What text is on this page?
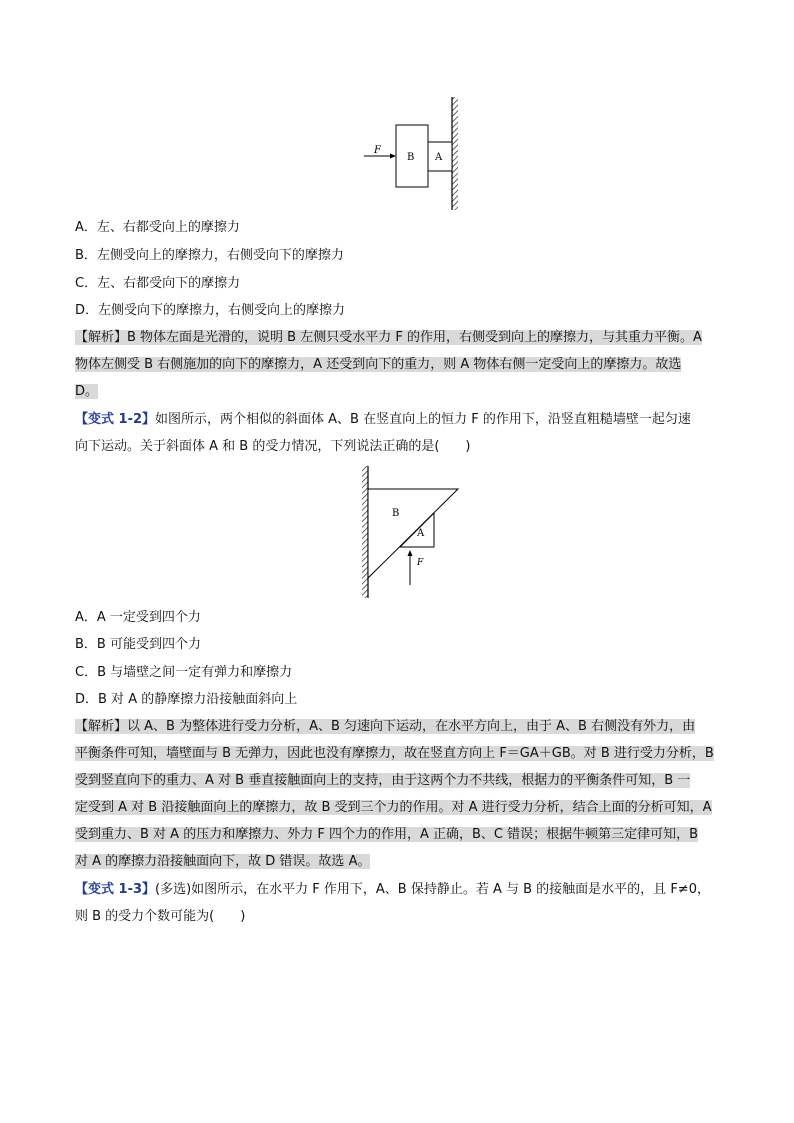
F
B A
A．左、右都受向上的摩擦力
B．左侧受向上的摩擦力，右侧受向下的摩擦力
C．左、右都受向下的摩擦力
D．左侧受向下的摩擦力，右侧受向上的摩擦力
【解析】B 物体左面是光滑的，说明 B 左侧只受水平力 F 的作用，右侧受到向上的摩擦力，与其重力平衡。A
物体左侧受 B 右侧施加的向下的摩擦力，A 还受到向下的重力，则 A 物体右侧一定受向上的摩擦力。故选
D。
【变式 1-2】如图所示，两个相似的斜面体 A、B 在竖直向上的恒力 F 的作用下，沿竖直粗糙墙壁一起匀速
向下运动。关于斜面体 A 和 B 的受力情况，下列说法正确的是(　　)
B
A
F
A．A 一定受到四个力
B．B 可能受到四个力
C．B 与墙壁之间一定有弹力和摩擦力
D．B 对 A 的静摩擦力沿接触面斜向上
【解析】以 A、B 为整体进行受力分析，A、B 匀速向下运动，在水平方向上，由于 A、B 右侧没有外力，由
平衡条件可知，墙壁面与 B 无弹力，因此也没有摩擦力，故在竖直方向上 F＝GA＋GB。对 B 进行受力分析，B
受到竖直向下的重力、A 对 B 垂直接触面向上的支持，由于这两个力不共线，根据力的平衡条件可知，B 一
定受到 A 对 B 沿接触面向上的摩擦力，故 B 受到三个力的作用。对 A 进行受力分析，结合上面的分析可知，A
受到重力、B 对 A 的压力和摩擦力、外力 F 四个力的作用，A 正确，B、C 错误；根据牛顿第三定律可知，B
对 A 的摩擦力沿接触面向下，故 D 错误。故选 A。
【变式 1-3】(多选)如图所示，在水平力 F 作用下，A、B 保持静止。若 A 与 B 的接触面是水平的，且 F≠0，
则 B 的受力个数可能为(　　)
